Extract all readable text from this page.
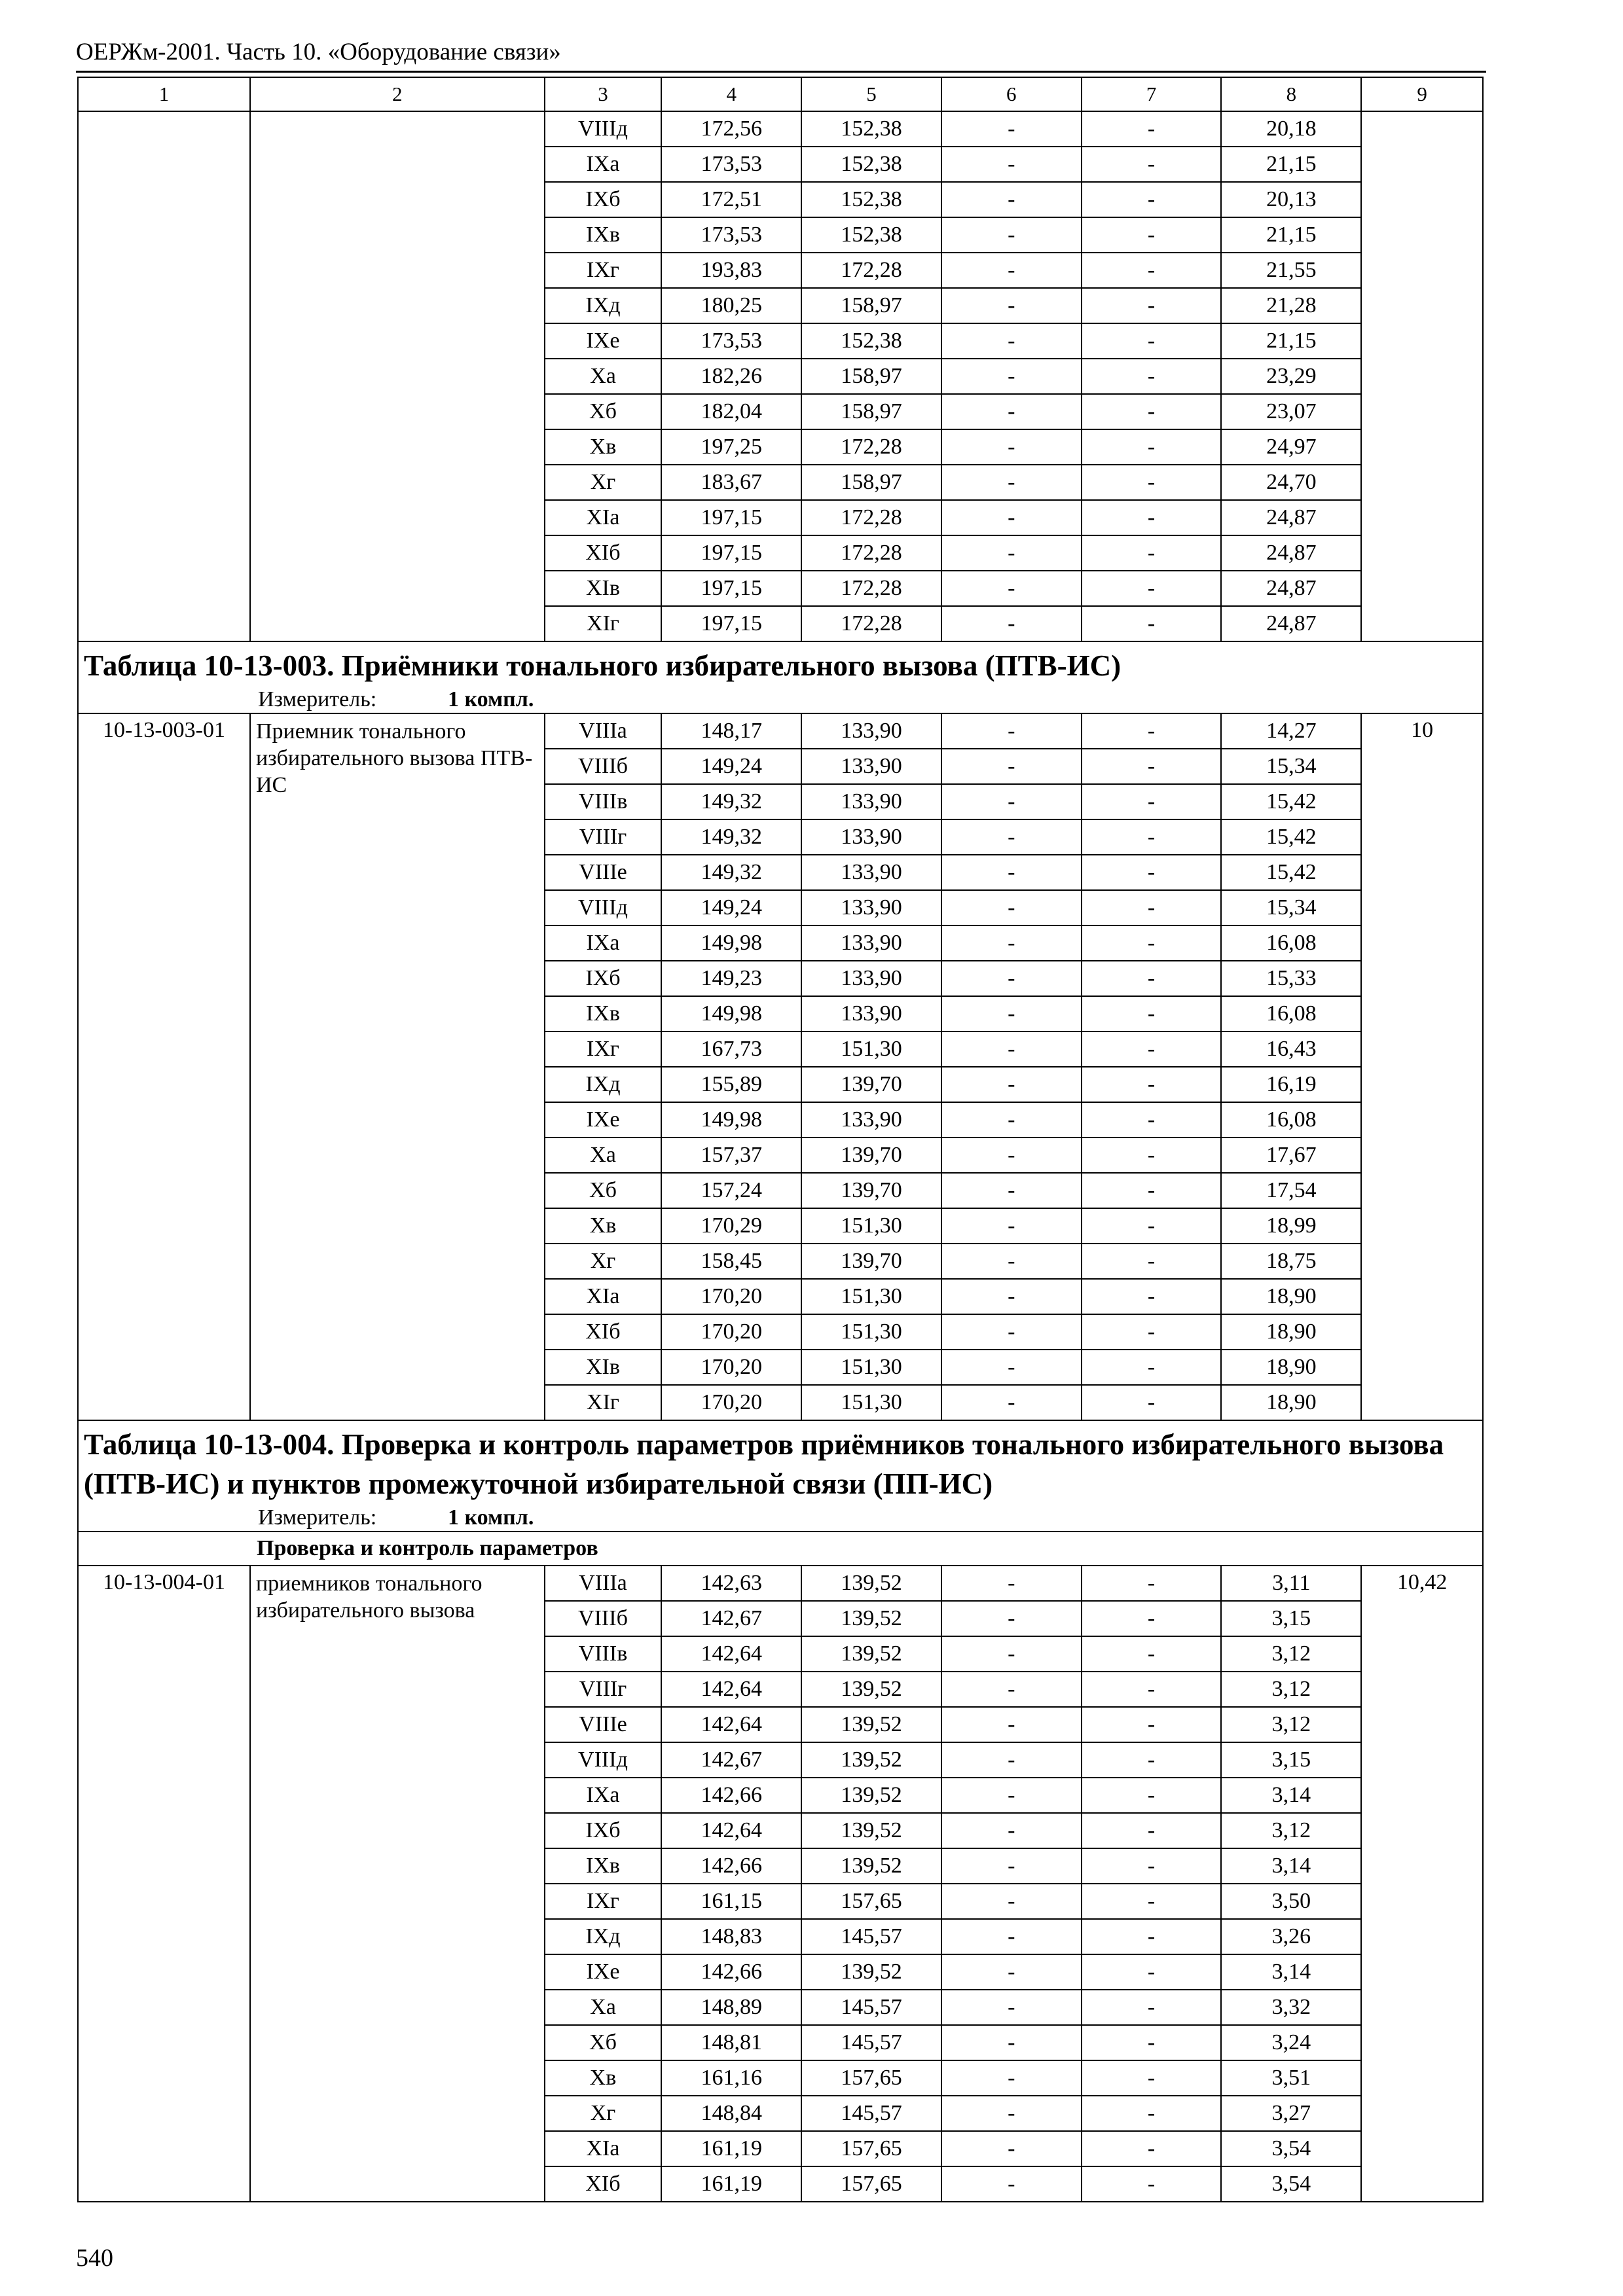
ОЕРЖм-2001. Часть 10. «Оборудование связи»
1	2	3	4	5	6	7	8	9
		VIIIд	172,56	152,38	-	-	20,18	
		IXа	173,53	152,38	-	-	21,15	
		IXб	172,51	152,38	-	-	20,13	
		IXв	173,53	152,38	-	-	21,15	
		IXг	193,83	172,28	-	-	21,55	
		IXд	180,25	158,97	-	-	21,28	
		IXе	173,53	152,38	-	-	21,15	
		Xа	182,26	158,97	-	-	23,29	
		Xб	182,04	158,97	-	-	23,07	
		Xв	197,25	172,28	-	-	24,97	
		Xг	183,67	158,97	-	-	24,70	
		XIа	197,15	172,28	-	-	24,87	
		XIб	197,15	172,28	-	-	24,87	
		XIв	197,15	172,28	-	-	24,87	
		XIг	197,15	172,28	-	-	24,87	

Таблица 10-13-003. Приёмники тонального избирательного вызова (ПТВ-ИС)
Измеритель: 1 компл.								

10-13-003-01	Приемник тонального избирательного вызова ПТВ-ИС	VIIIа	148,17	133,90	-	-	14,27	10
		VIIIб	149,24	133,90	-	-	15,34	
		VIIIв	149,32	133,90	-	-	15,42	
		VIIIг	149,32	133,90	-	-	15,42	
		VIIIе	149,32	133,90	-	-	15,42	
		VIIIд	149,24	133,90	-	-	15,34	
		IXа	149,98	133,90	-	-	16,08	
		IXб	149,23	133,90	-	-	15,33	
		IXв	149,98	133,90	-	-	16,08	
		IXг	167,73	151,30	-	-	16,43	
		IXд	155,89	139,70	-	-	16,19	
		IXе	149,98	133,90	-	-	16,08	
		Xа	157,37	139,70	-	-	17,67	
		Xб	157,24	139,70	-	-	17,54	
		Xв	170,29	151,30	-	-	18,99	
		Xг	158,45	139,70	-	-	18,75	
		XIа	170,20	151,30	-	-	18,90	
		XIб	170,20	151,30	-	-	18,90	
		XIв	170,20	151,30	-	-	18,90	
		XIг	170,20	151,30	-	-	18,90	

Таблица 10-13-004. Проверка и контроль параметров приёмников тонального избирательного вызова (ПТВ-ИС) и пунктов промежуточной избирательной связи (ПП-ИС)
Измеритель: 1 компл.								

Проверка и контроль параметров								
10-13-004-01	приемников тонального избирательного вызова	VIIIа	142,63	139,52	-	-	3,11	10,42
		VIIIб	142,67	139,52	-	-	3,15	
		VIIIв	142,64	139,52	-	-	3,12	
		VIIIг	142,64	139,52	-	-	3,12	
		VIIIе	142,64	139,52	-	-	3,12	
		VIIIд	142,67	139,52	-	-	3,15	
		IXа	142,66	139,52	-	-	3,14	
		IXб	142,64	139,52	-	-	3,12	
		IXв	142,66	139,52	-	-	3,14	
		IXг	161,15	157,65	-	-	3,50	
		IXд	148,83	145,57	-	-	3,26	
		IXе	142,66	139,52	-	-	3,14	
		Xа	148,89	145,57	-	-	3,32	
		Xб	148,81	145,57	-	-	3,24	
		Xв	161,16	157,65	-	-	3,51	
		Xг	148,84	145,57	-	-	3,27	
		XIа	161,19	157,65	-	-	3,54	
		XIб	161,19	157,65	-	-	3,54	
540
